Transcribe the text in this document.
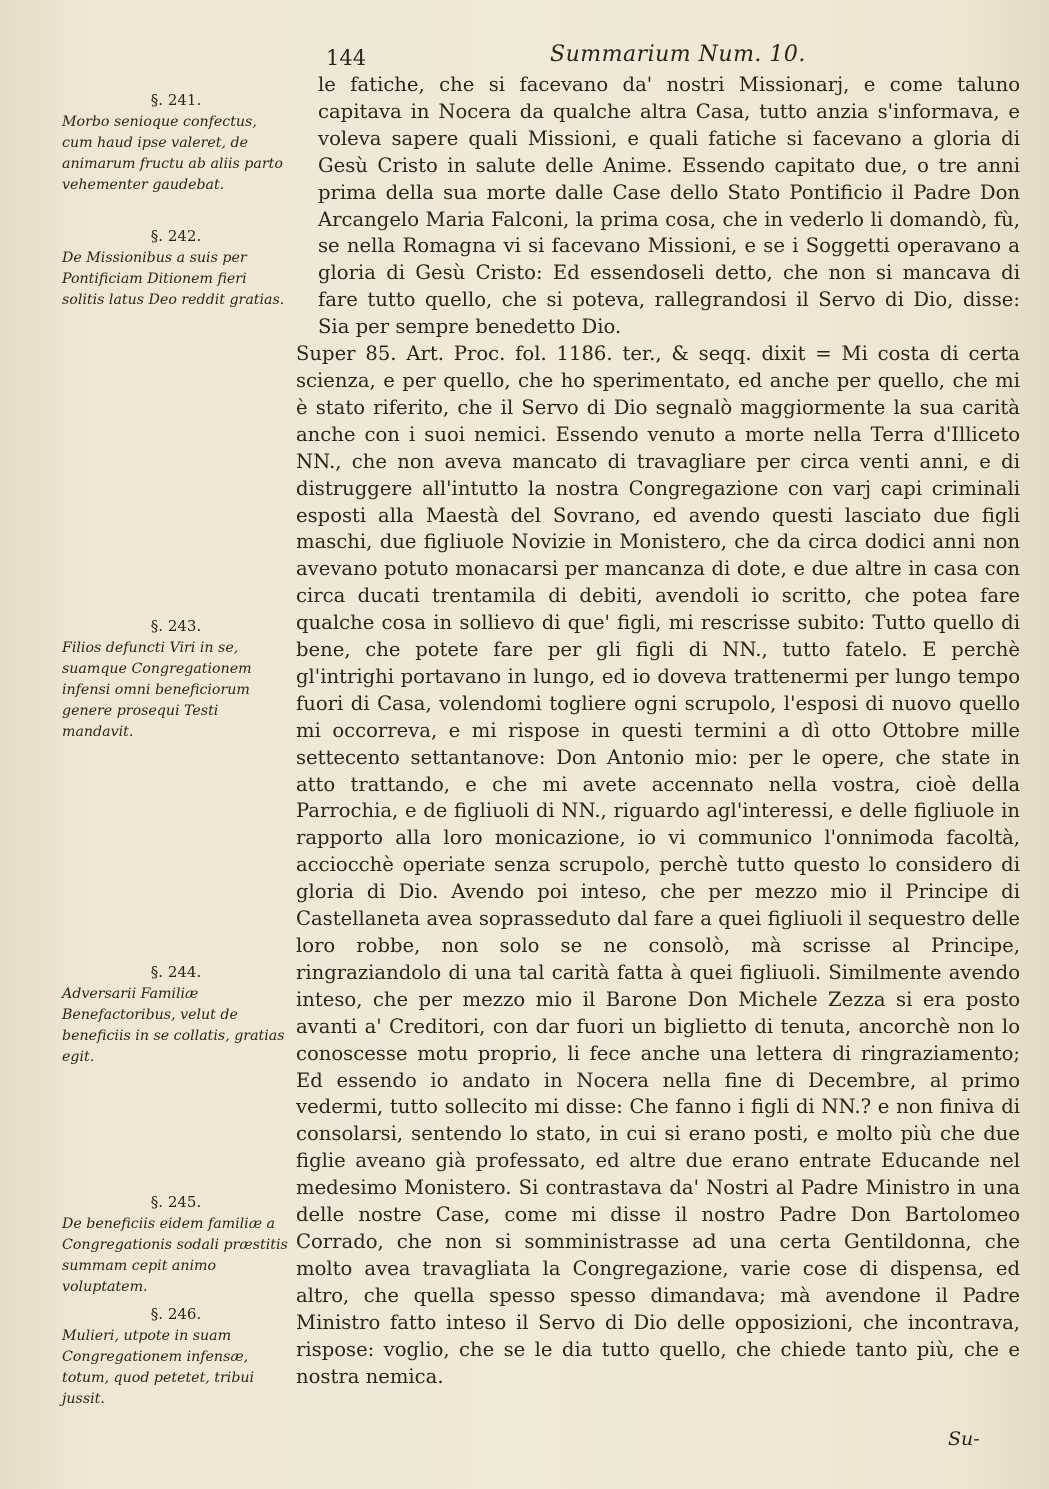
144	Summarium Num. 10.
§. 241.
Morbo senioque confectus, cum haud ipse valeret, de animarum fructu ab aliis parto vehementer gaudebat.
§. 242.
De Missionibus a suis per Pontificiam Ditionem fieri solitis latus Deo reddit gratias.
§. 243.
Filios defuncti Viri in se, suamque Congregationem infensi omni beneficiorum genere prosequi Testi mandavit.
§. 244.
Adversarii Familiæ Benefactoribus, velut de beneficiis in se collatis, gratias egit.
§. 245.
De beneficiis eidem familiæ a Congregationis sodali præstitis summam cepit animo voluptatem.
§. 246.
Mulieri, utpote in suam Congregationem infensæ, totum, quod petetet, tribui jussit.

le fatiche, che si facevano da' nostri Missionarj, e come taluno capitava in Nocera da qualche altra Casa, tutto anzia s'informava, e voleva sapere quali Missioni, e quali fatiche si facevano a gloria di Gesù Cristo in salute delle Anime. Essendo capitato due, o tre anni prima della sua morte dalle Case dello Stato Pontificio il Padre Don Arcangelo Maria Falconi, la prima cosa, che in vederlo li domandò, fù, se nella Romagna vi si facevano Missioni, e se i Soggetti operavano a gloria di Gesù Cristo: Ed essendoseli detto, che non si mancava di fare tutto quello, che si poteva, rallegrandosi il Servo di Dio, disse: Sia per sempre benedetto Dio.

Super 85. Art. Proc. fol. 1186. ter., & seqq. dixit = Mi costa di certa scienza, e per quello, che ho sperimentato, ed anche per quello, che mi è stato riferito, che il Servo di Dio segnalò maggiormente la sua carità anche con i suoi nemici. Essendo venuto a morte nella Terra d'Illiceto NN., che non aveva mancato di travagliare per circa venti anni, e di distruggere all'intutto la nostra Congregazione con varj capi criminali esposti alla Maestà del Sovrano, ed avendo questi lasciato due figli maschi, due figliuole Novizie in Monistero, che da circa dodici anni non avevano potuto monacarsi per mancanza di dote, e due altre in casa con circa ducati trentamila di debiti, avendoli io scritto, che potea fare qualche cosa in sollievo di que' figli, mi rescrisse subito: Tutto quello di bene, che potete fare per gli figli di NN., tutto fatelo. E perchè gl'intrighi portavano in lungo, ed io doveva trattenermi per lungo tempo fuori di Casa, volendomi togliere ogni scrupolo, l'esposi di nuovo quello mi occorreva, e mi rispose in questi termini a dì otto Ottobre mille settecento settantanove: Don Antonio mio: per le opere, che state in atto trattando, e che mi avete accennato nella vostra, cioè della Parrochia, e de figliuoli di NN., riguardo agl'interessi, e delle figliuole in rapporto alla loro monicazione, io vi communico l'onnimoda facoltà, acciocchè operiate senza scrupolo, perchè tutto questo lo considero di gloria di Dio. Avendo poi inteso, che per mezzo mio il Principe di Castellaneta avea soprasseduto dal fare a quei figliuoli il sequestro delle loro robbe, non solo se ne consolò, mà scrisse al Principe, ringraziandolo di una tal carità fatta à quei figliuoli. Similmente avendo inteso, che per mezzo mio il Barone Don Michele Zezza si era posto avanti a' Creditori, con dar fuori un biglietto di tenuta, ancorchè non lo conoscesse motu proprio, li fece anche una lettera di ringraziamento; Ed essendo io andato in Nocera nella fine di Decembre, al primo vedermi, tutto sollecito mi disse: Che fanno i figli di NN.? e non finiva di consolarsi, sentendo lo stato, in cui si erano posti, e molto più che due figlie aveano già professato, ed altre due erano entrate Educande nel medesimo Monistero. Si contrastava da' Nostri al Padre Ministro in una delle nostre Case, come mi disse il nostro Padre Don Bartolomeo Corrado, che non si somministrasse ad una certa Gentildonna, che molto avea travagliata la Congregazione, varie cose di dispensa, ed altro, che quella spesso spesso dimandava; mà avendone il Padre Ministro fatto inteso il Servo di Dio delle opposizioni, che incontrava, rispose: voglio, che se le dia tutto quello, che chiede tanto più, che e nostra nemica.

Su-
